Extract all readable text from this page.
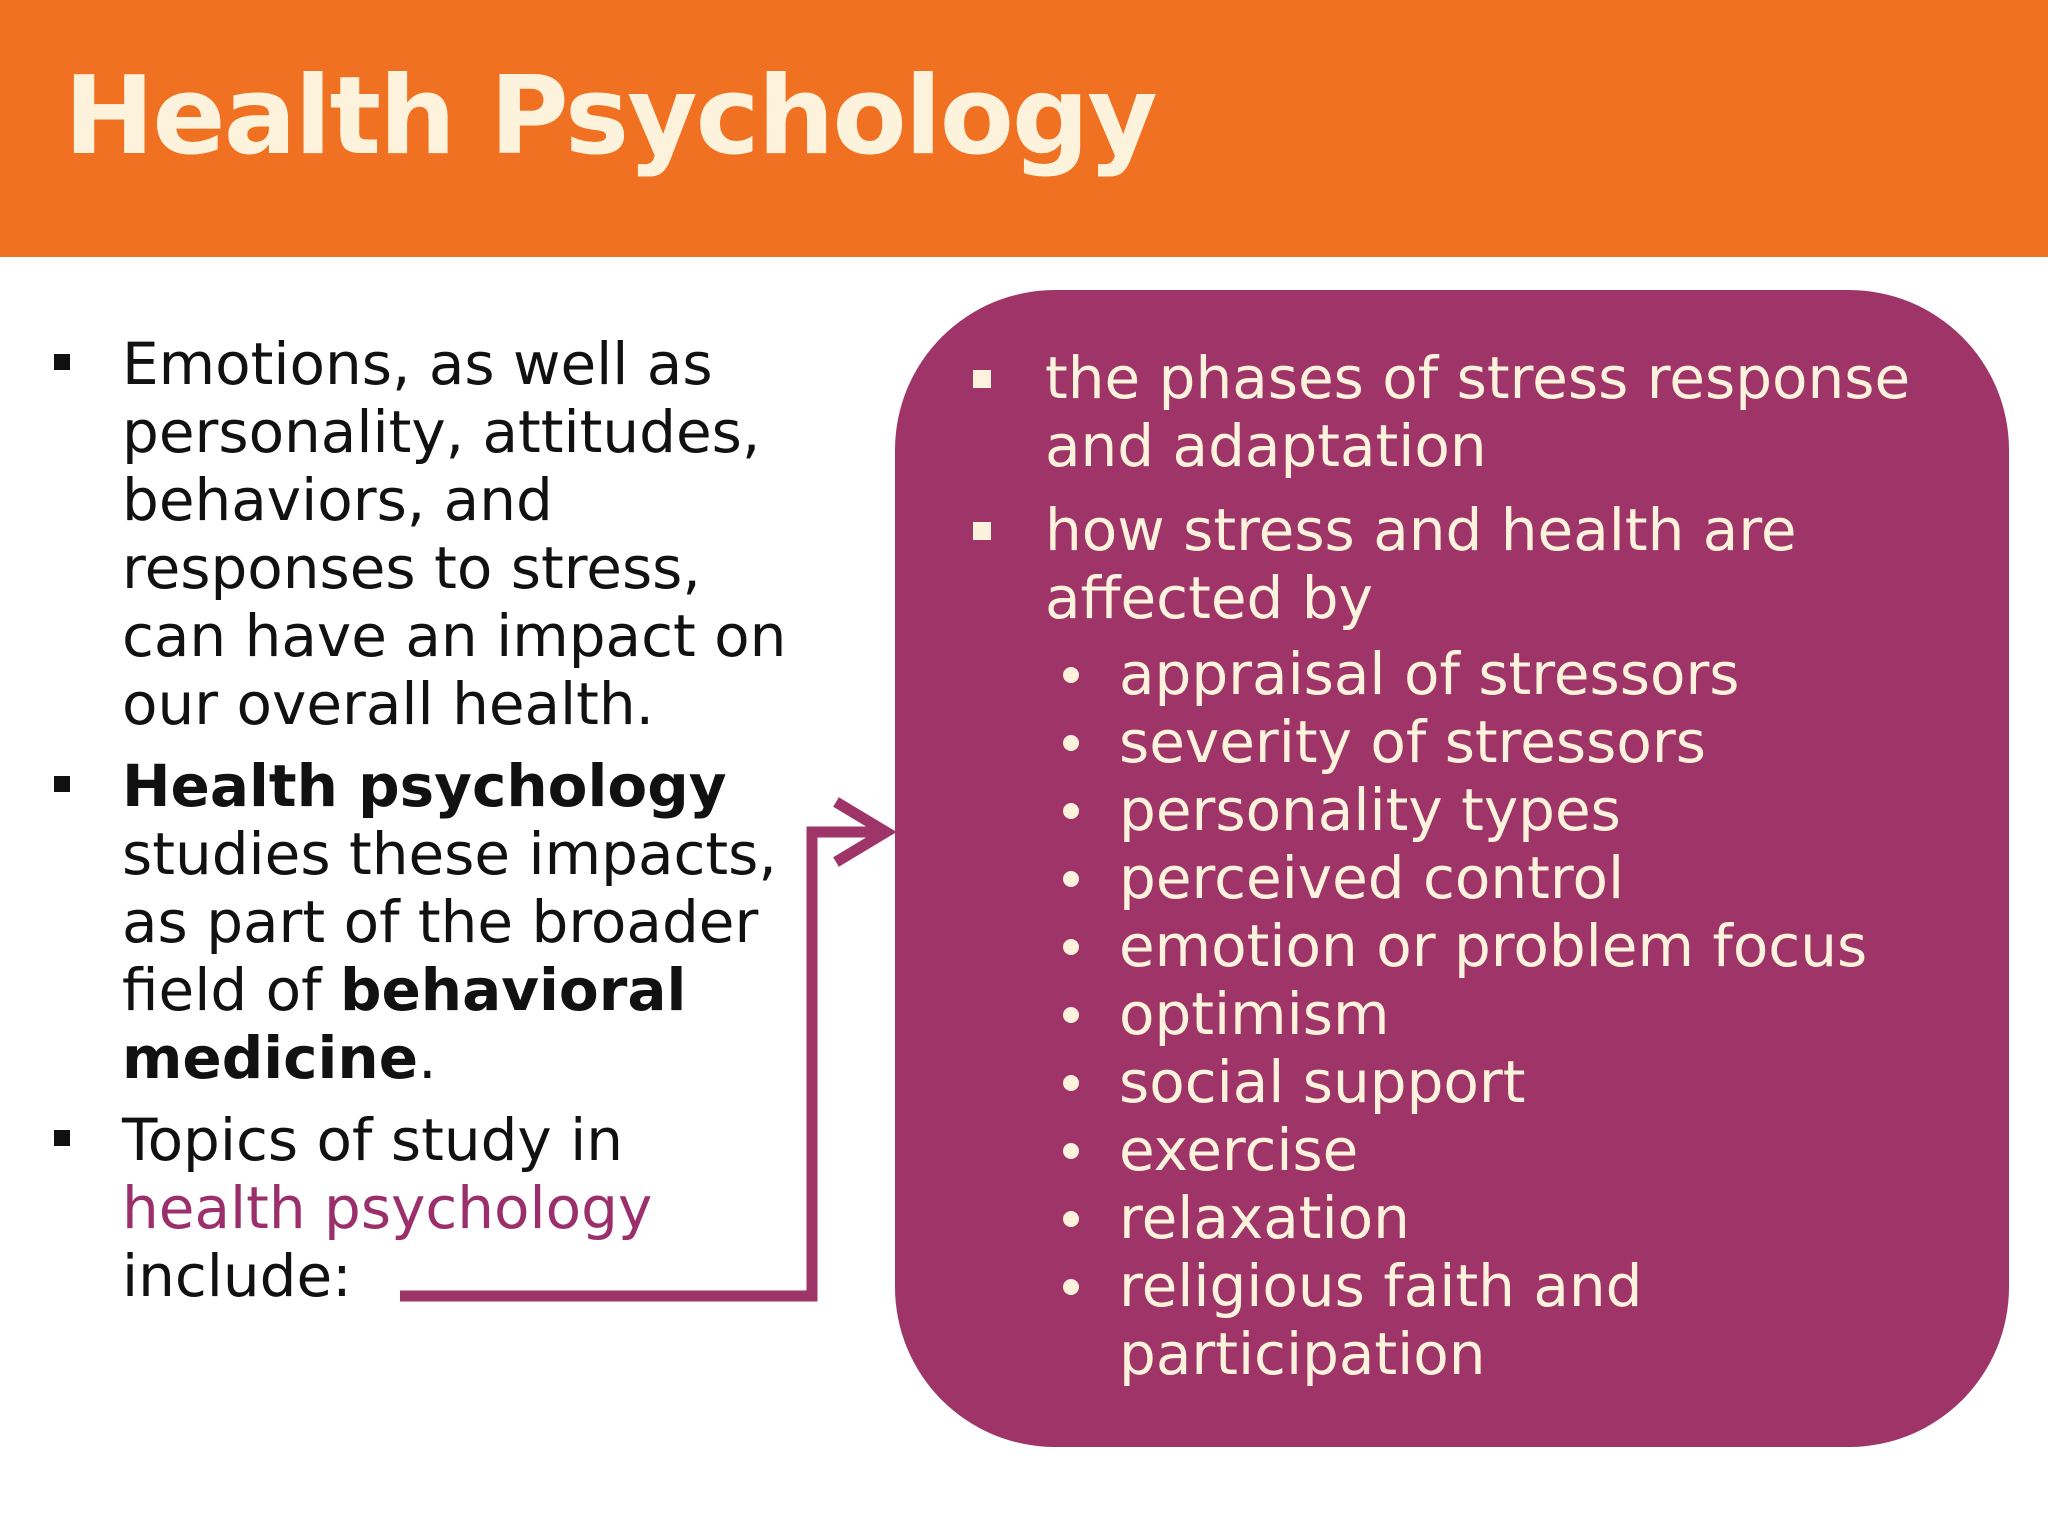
Health Psychology
Emotions, as well as personality, attitudes, behaviors, and responses to stress, can have an impact on our overall health.
Health psychology studies these impacts, as part of the broader field of behavioral medicine.
Topics of study in health psychology include:
the phases of stress response and adaptation
how stress and health are affected by
appraisal of stressors
severity of stressors
personality types
perceived control
emotion or problem focus
optimism
social support
exercise
relaxation
religious faith and participation
